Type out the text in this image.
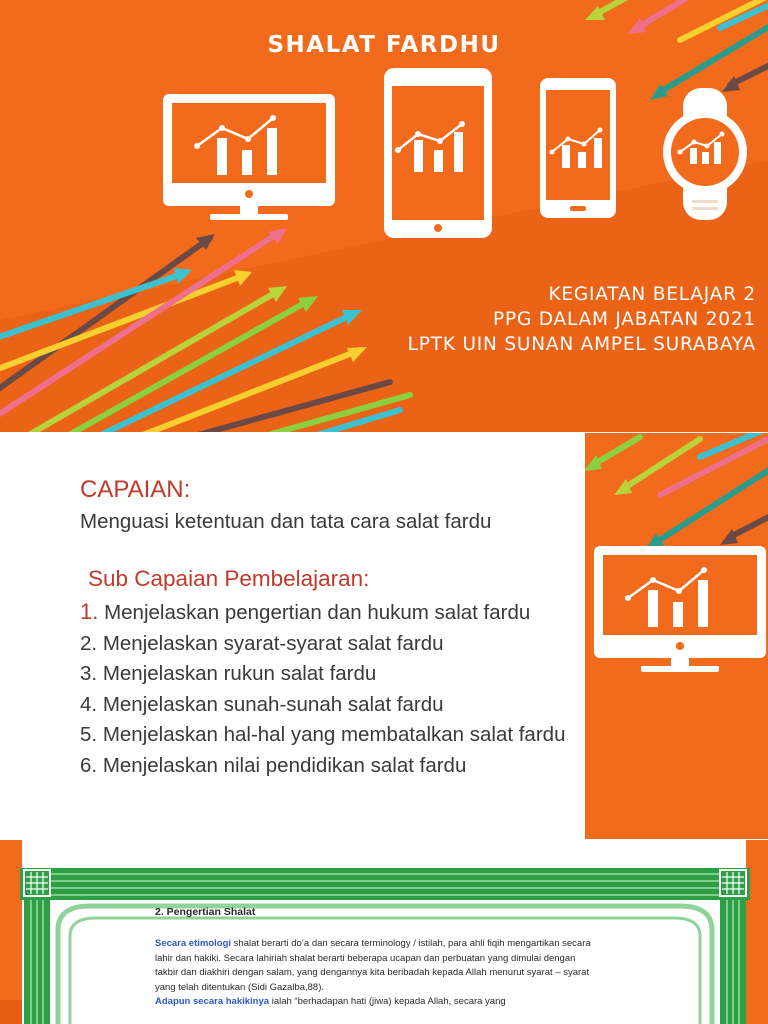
SHALAT FARDHU
KEGIATAN BELAJAR 2
PPG DALAM JABATAN 2021
LPTK UIN SUNAN AMPEL SURABAYA
CAPAIAN:
Menguasi ketentuan dan tata cara salat fardu
Sub Capaian Pembelajaran:
1. Menjelaskan pengertian dan hukum salat fardu
2. Menjelaskan syarat-syarat salat fardu
3. Menjelaskan rukun salat fardu
4. Menjelaskan sunah-sunah salat fardu
5. Menjelaskan hal-hal yang membatalkan salat fardu
6. Menjelaskan nilai pendidikan salat fardu
2. Pengertian Shalat

Secara etimologi shalat berarti do’a dan secara terminology / istilah, para ahli fiqih mengartikan secara lahir dan hakiki. Secara lahiriah shalat berarti beberapa ucapan dan perbuatan yang dimulai dengan takbir dan diakhiri dengan salam, yang dengannya kita beribadah kepada Allah menurut syarat – syarat yang telah ditentukan (Sidi Gazalba,88).

Adapun secara hakikinya ialah “berhadapan hati (jiwa) kepada Allah, secara yang
